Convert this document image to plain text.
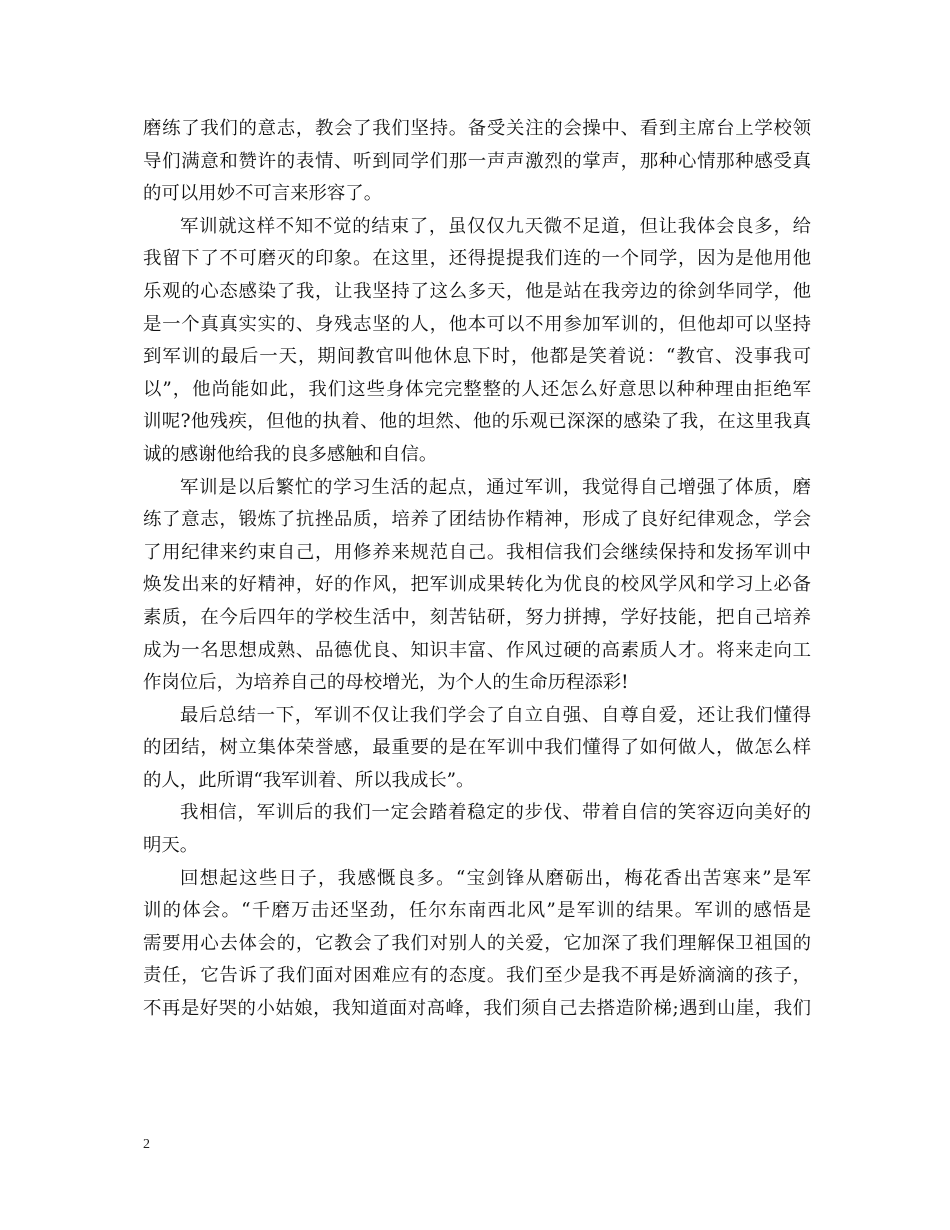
磨练了我们的意志，教会了我们坚持。备受关注的会操中、看到主席台上学校领
导们满意和赞许的表情、听到同学们那一声声激烈的掌声，那种心情那种感受真
的可以用妙不可言来形容了。
军训就这样不知不觉的结束了，虽仅仅九天微不足道，但让我体会良多，给
我留下了不可磨灭的印象。在这里，还得提提我们连的一个同学，因为是他用他
乐观的心态感染了我，让我坚持了这么多天，他是站在我旁边的徐剑华同学，他
是一个真真实实的、身残志坚的人，他本可以不用参加军训的，但他却可以坚持
到军训的最后一天，期间教官叫他休息下时，他都是笑着说：“教官、没事我可
以”，他尚能如此，我们这些身体完完整整的人还怎么好意思以种种理由拒绝军
训呢?他残疾，但他的执着、他的坦然、他的乐观已深深的感染了我，在这里我真
诚的感谢他给我的良多感触和自信。
军训是以后繁忙的学习生活的起点，通过军训，我觉得自己增强了体质，磨
练了意志，锻炼了抗挫品质，培养了团结协作精神，形成了良好纪律观念，学会
了用纪律来约束自己，用修养来规范自己。我相信我们会继续保持和发扬军训中
焕发出来的好精神，好的作风，把军训成果转化为优良的校风学风和学习上必备
素质，在今后四年的学校生活中，刻苦钻研，努力拼搏，学好技能，把自己培养
成为一名思想成熟、品德优良、知识丰富、作风过硬的高素质人才。将来走向工
作岗位后，为培养自己的母校增光，为个人的生命历程添彩!
最后总结一下，军训不仅让我们学会了自立自强、自尊自爱，还让我们懂得
的团结，树立集体荣誉感，最重要的是在军训中我们懂得了如何做人，做怎么样
的人，此所谓“我军训着、所以我成长”。
我相信，军训后的我们一定会踏着稳定的步伐、带着自信的笑容迈向美好的
明天。
回想起这些日子，我感慨良多。“宝剑锋从磨砺出，梅花香出苦寒来”是军
训的体会。“千磨万击还坚劲，任尔东南西北风”是军训的结果。军训的感悟是
需要用心去体会的，它教会了我们对别人的关爱，它加深了我们理解保卫祖国的
责任，它告诉了我们面对困难应有的态度。我们至少是我不再是娇滴滴的孩子，
不再是好哭的小姑娘，我知道面对高峰，我们须自己去搭造阶梯;遇到山崖，我们
2
